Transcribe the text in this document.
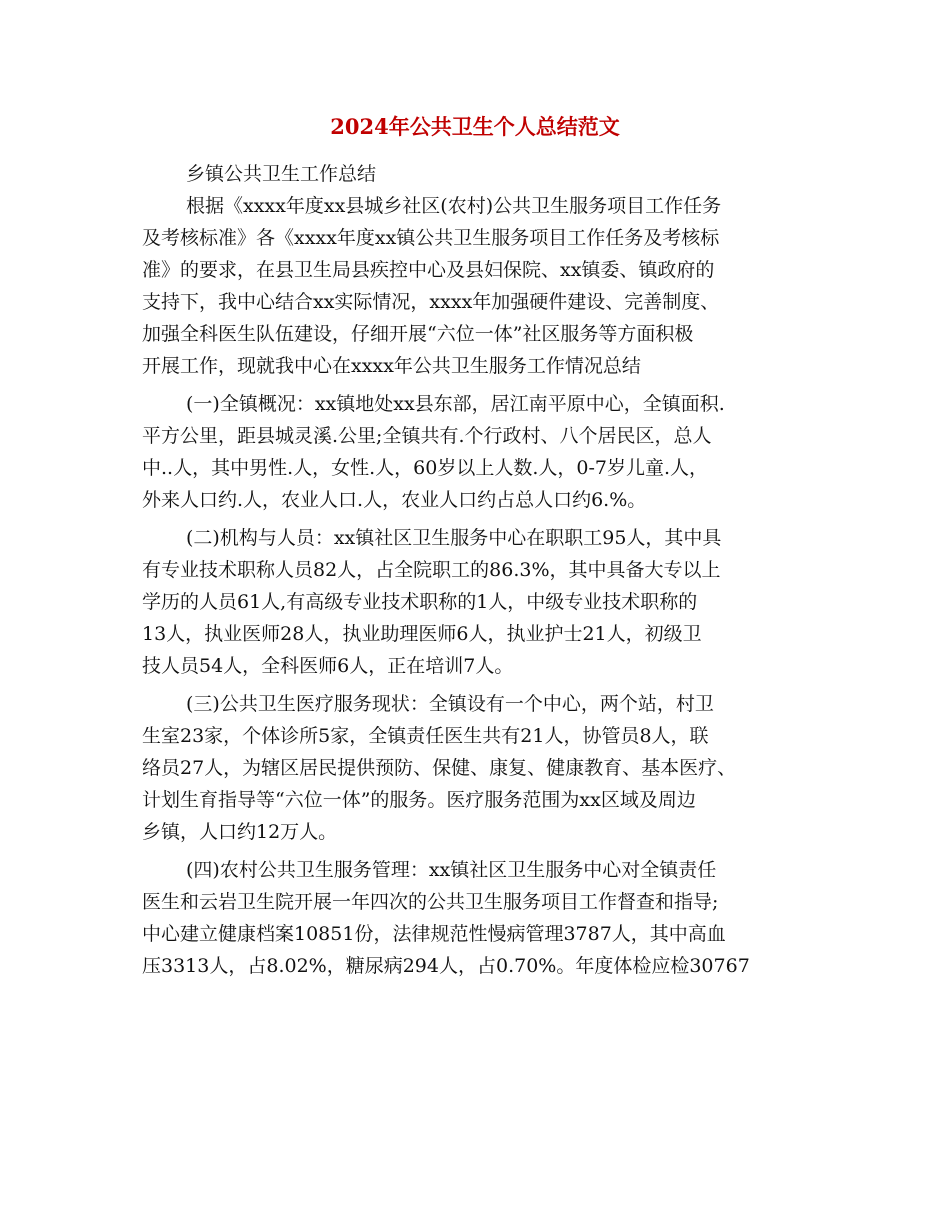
2024年公共卫生个人总结范文
乡镇公共卫生工作总结
根据《xxxx年度xx县城乡社区(农村)公共卫生服务项目工作任务
及考核标准》各《xxxx年度xx镇公共卫生服务项目工作任务及考核标
准》的要求，在县卫生局县疾控中心及县妇保院、xx镇委、镇政府的
支持下，我中心结合xx实际情况，xxxx年加强硬件建设、完善制度、
加强全科医生队伍建设，仔细开展“六位一体”社区服务等方面积极
开展工作，现就我中心在xxxx年公共卫生服务工作情况总结
(一)全镇概况：xx镇地处xx县东部，居江南平原中心，全镇面积.
平方公里，距县城灵溪.公里;全镇共有.个行政村、八个居民区，总人
中..人，其中男性.人，女性.人，60岁以上人数.人，0-7岁儿童.人，
外来人口约.人，农业人口.人，农业人口约占总人口约6.%。
(二)机构与人员：xx镇社区卫生服务中心在职职工95人，其中具
有专业技术职称人员82人，占全院职工的86.3%，其中具备大专以上
学历的人员61人,有高级专业技术职称的1人，中级专业技术职称的
13人，执业医师28人，执业助理医师6人，执业护士21人，初级卫
技人员54人，全科医师6人，正在培训7人。
(三)公共卫生医疗服务现状：全镇设有一个中心，两个站，村卫
生室23家，个体诊所5家，全镇责任医生共有21人，协管员8人，联
络员27人，为辖区居民提供预防、保健、康复、健康教育、基本医疗、
计划生育指导等“六位一体”的服务。医疗服务范围为xx区域及周边
乡镇，人口约12万人。
(四)农村公共卫生服务管理：xx镇社区卫生服务中心对全镇责任
医生和云岩卫生院开展一年四次的公共卫生服务项目工作督查和指导;
中心建立健康档案10851份，法律规范性慢病管理3787人，其中高血
压3313人，占8.02%，糖尿病294人，占0.70%。年度体检应检30767
